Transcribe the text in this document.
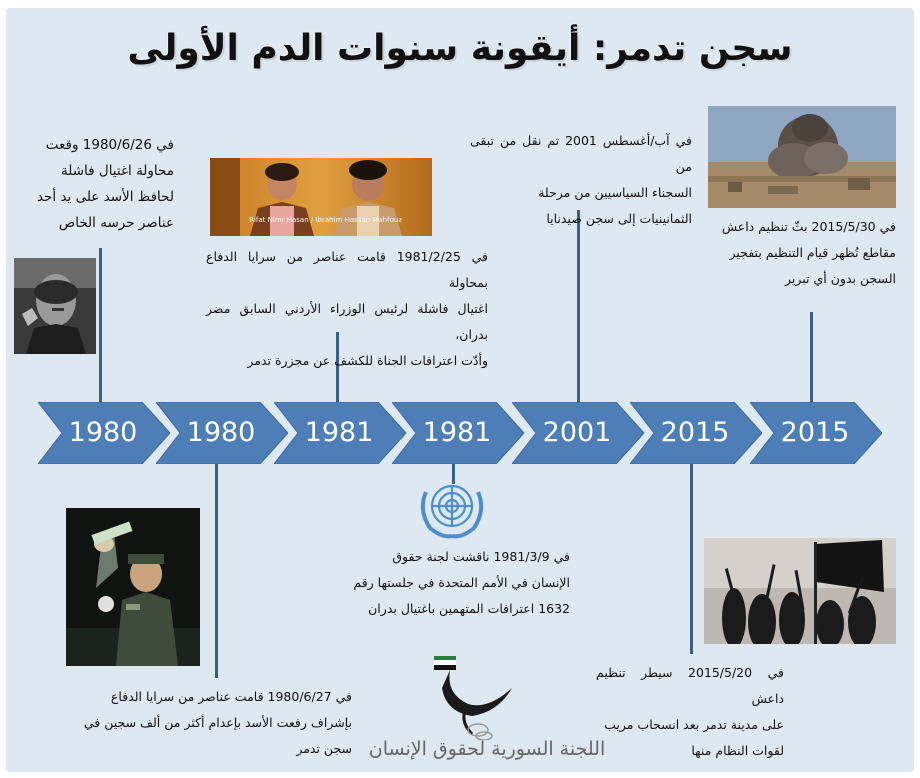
سجن تدمر: أيقونة سنوات الدم الأولى
Rifat Nimr Hasan / Ibrahim Hassan Mahfouz
1980	1980	1981	1981	2001	2015	2015
في 1980/6/26 وقعت
محاولة اغتيال فاشلة
لحافظ الأسد على يد أحد
عناصر حرسه الخاص
في 1981/2/25 قامت عناصر من سرايا الدفاع بمحاولة
اغتيال فاشلة لرئيس الوزراء الأردني السابق مضر بدران،
وأدّت اعترافات الجناة للكشف عن مجزرة تدمر
في آب/أغسطس 2001 تم نقل من تبقى من
السجناء السياسيين من مرحلة
الثمانينيات إلى سجن صيدنايا
في 2015/5/30 بثّ تنظيم داعش
مقاطع تُظهر قيام التنظيم بتفجير
السجن بدون أي تبرير
في 1980/6/27 قامت عناصر من سرايا الدفاع
بإشراف رفعت الأسد بإعدام أكثر من ألف سجين في
سجن تدمر
في 1981/3/9 ناقشت لجنة حقوق
الإنسان في الأمم المتحدة في جلستها رقم
1632 اعترافات المتهمين باغتيال بدران
في 2015/5/20 سيطر تنظيم داعش
على مدينة تدمر بعد انسحاب مريب
لقوات النظام منها
اللجنة السورية لحقوق الإنسان
